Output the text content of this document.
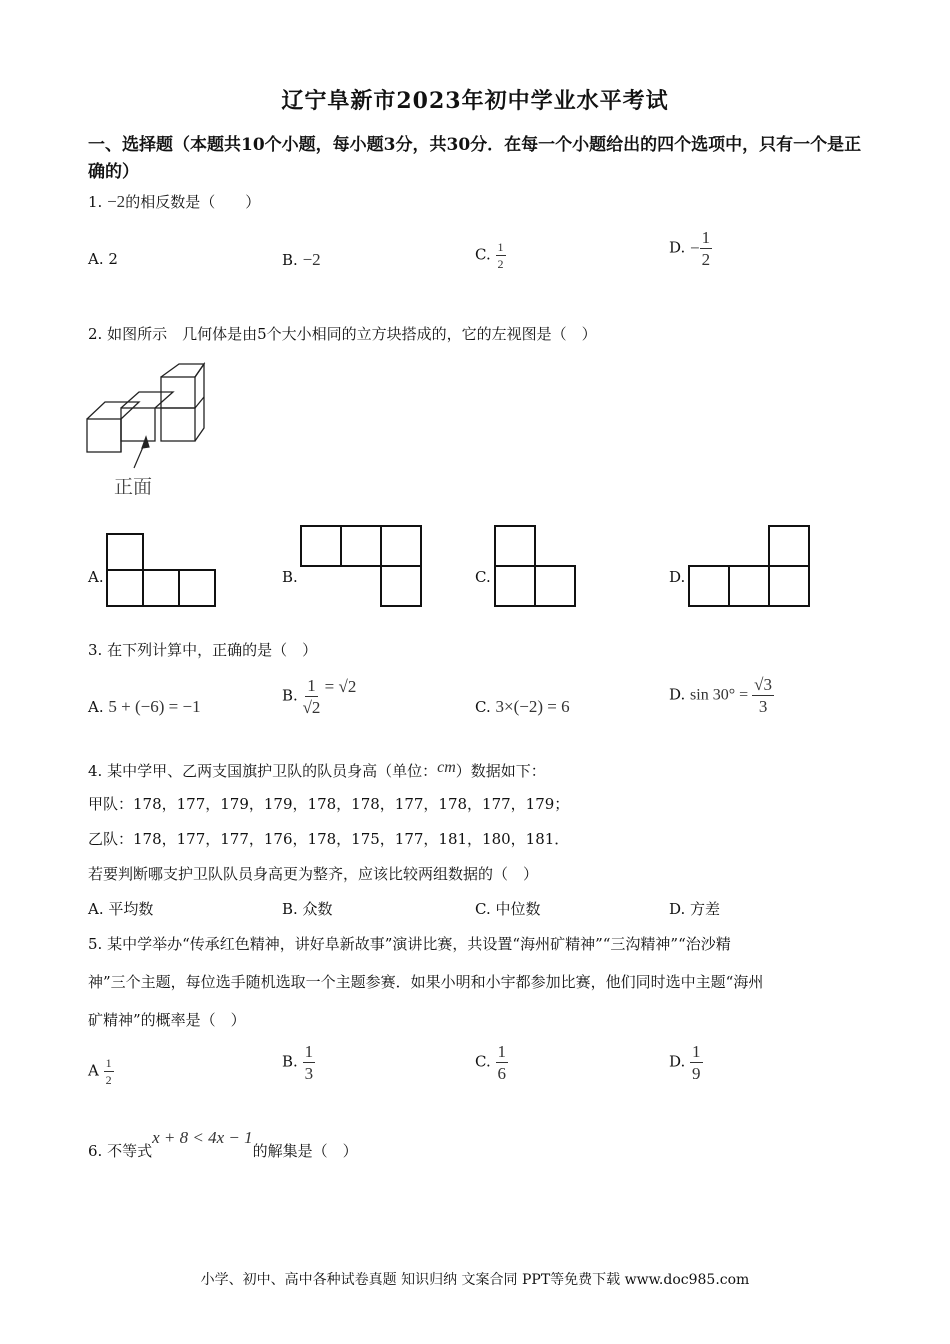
辽宁阜新市2023年初中学业水平考试
一、选择题（本题共10个小题，每小题3分，共30分．在每一个小题给出的四个选项中，只有一个是正确的）
1. −2的相反数是（　　）
A. 2	B. −2	C. $\frac{1}{2}$	D. − $\frac{1}{2}$
2. 如图所示　几何体是由5个大小相同的立方块搭成的，它的左视图是（　）
正面
A.	B.	C.	D.
3. 在下列计算中，正确的是（　）
A. 5 + (−6) = −1
B. $\frac{1}{√2} = √2$
C. 3×(−2) = 6
D. $\sin 30^\circ = \frac{√3}{3}$
4. 某中学甲、乙两支国旗护卫队的队员身高（单位：cm）数据如下：
甲队：178，177，179，179，178，178，177，178，177，179；
乙队：178，177，177，176，178，175，177，181，180，181．
若要判断哪支护卫队队员身高更为整齐，应该比较两组数据的（　）
A. 平均数	B. 众数	C. 中位数	D. 方差
5. 某中学举办“传承红色精神，讲好阜新故事”演讲比赛，共设置“海州矿精神”“三沟精神”“治沙精
神”三个主题，每位选手随机选取一个主题参赛．如果小明和小宇都参加比赛，他们同时选中主题“海州
矿精神”的概率是（　）
A $\frac{1}{2}$	B. $\frac{1}{3}$	C. $\frac{1}{6}$	D. $\frac{1}{9}$
6. 不等式x + 8 < 4x − 1的解集是（　）
小学、初中、高中各种试卷真题 知识归纳 文案合同 PPT等免费下载 www.doc985.com
